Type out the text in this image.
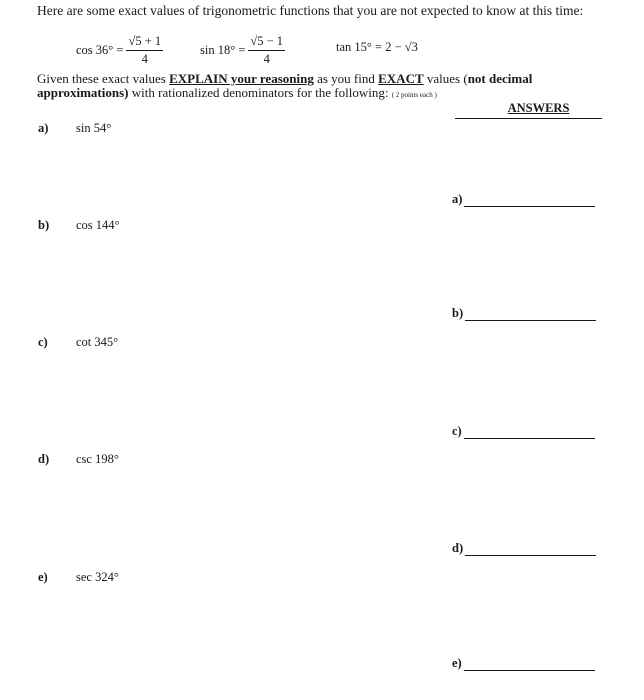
Here are some exact values of trigonometric functions that you are not expected to know at this time:
$\cos 36^\circ = \frac{√5 + 1}{4}$	$\sin 18^\circ = \frac{√5 - 1}{4}$	tan 15° = 2 − √3
Given these exact values EXPLAIN your reasoning as you find EXACT values (not decimal
approximations) with rationalized denominators for the following: ( 2 points each )
ANSWERS
a) sin 54°
a)
b) cos 144°
b)
c) cot 345°
c)
d) csc 198°
d)
e) sec 324°
e)
